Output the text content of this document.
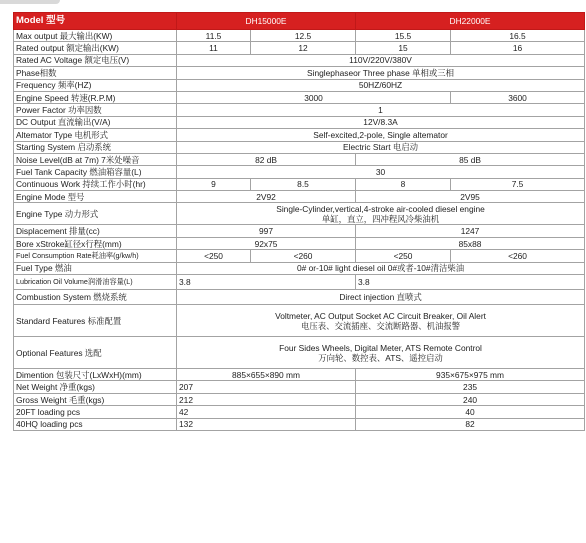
Model 型号	DH15000E		DH22000E	
Max output 最大输出(KW)	11.5	12.5	15.5	16.5
Rated output 额定输出(KW)	11	12	15	16
Rated AC Voltage 额定电压(V)	110V/220V/380V			
Phase相数	Singlephaseor Three phase 单相或三相			
Frequency 频率(HZ)	50HZ/60HZ			
Engine Speed 转速(R.P.M)	3000			3600
Power Factor 功率因数	1			
DC Output 直流输出(V/A)	12V/8.3A			
Altemator Type 电机形式	Self-excited,2-pole, Single altemator			
Starting System 启动系统	Electric Start 电启动			
Noise Level(dB at 7m) 7米处噪音	82 dB		85 dB	
Fuel Tank Capacity 燃油箱容量(L)	30			
Continuous Work 持续工作小时(hr)	9	8.5	8	7.5
Engine Mode 型号	2V92		2V95	
Engine Type 动力形式	Single-Cylinder,vertical,4-stroke air-cooled diesel engine
单缸，直立，四冲程风冷柴油机			

Displacement 排量(cc)	997		1247	
Bore xStroke缸径x行程(mm)	92x75		85x88	
Fuel Consumption Rate耗油率(g/kw/h)	<250	<260	<250	<260
Fuel Type 燃油	0# or-10# light diesel oil 0#或者-10#清洁柴油			
Lubrication Oil Volume润滑油容量(L)	3.8		3.8	
Combustion System 燃烧系统	Direct injection 直喷式			
Standard Features 标准配置	Voltmeter, AC Output Socket AC Circuit Breaker, Oil Alert
电压表、交流插座、交流断路器、机油报警			

Optional Features 选配	Four Sides Wheels, Digital Meter, ATS Remote Control
万向轮、数控表、ATS、遥控启动			

Dimention 包装尺寸(LxWxH)(mm)	885×655×890 mm		935×675×975 mm	
Net Weight 净重(kgs)	207		235	
Gross Weight 毛重(kgs)	212		240	
20FT loading pcs	42		40	
40HQ loading pcs	132		82	
